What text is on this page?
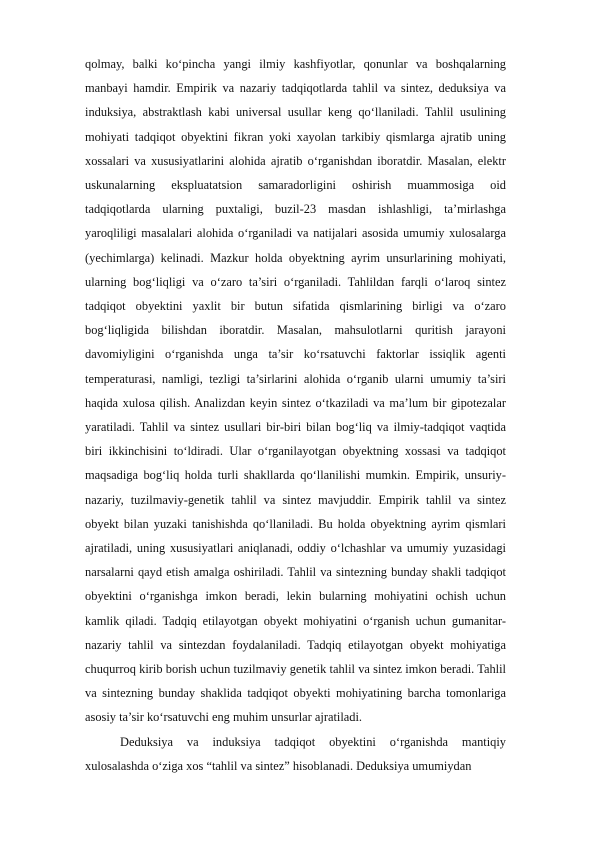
qolmay, balki ko‘pincha yangi ilmiy kashfiyotlar, qonunlar va boshqalarning manbayi hamdir. Empirik va nazariy tadqiqotlarda tahlil va sintez, deduksiya va induksiya, abstraktlash kabi universal usullar keng qo‘llaniladi. Tahlil usulining mohiyati tadqiqot obyektini fikran yoki xayolan tarkibiy qismlarga ajratib uning xossalari va xususiyatlarini alohida ajratib o‘rganishdan iboratdir. Masalan, elektr uskunalarning ekspluatatsion samaradorligini oshirish muammosiga oid tadqiqotlarda ularning puxtaligi, buzil-23 masdan ishlashligi, ta’mirlashga yaroqliligi masalalari alohida o‘rganiladi va natijalari asosida umumiy xulosalarga (yechimlarga) kelinadi. Mazkur holda obyektning ayrim unsurlarining mohiyati, ularning bog‘liqligi va o‘zaro ta’siri o‘rganiladi. Tahlildan farqli o‘laroq sintez tadqiqot obyektini yaxlit bir butun sifatida qismlarining birligi va o‘zaro bog‘liqligida bilishdan iboratdir. Masalan, mahsulotlarni quritish jarayoni davomiyligini o‘rganishda unga ta’sir ko‘rsatuvchi faktorlar issiqlik agenti temperaturasi, namligi, tezligi ta’sirlarini alohida o‘rganib ularni umumiy ta’siri haqida xulosa qilish. Analizdan keyin sintez o‘tkaziladi va ma’lum bir gipotezalar yaratiladi. Tahlil va sintez usullari bir-biri bilan bog‘liq va ilmiy-tadqiqot vaqtida biri ikkinchisini to‘ldiradi. Ular o‘rganilayotgan obyektning xossasi va tadqiqot maqsadiga bog‘liq holda turli shakllarda qo‘llanilishi mumkin. Empirik, unsuriy-nazariy, tuzilmaviy-genetik tahlil va sintez mavjuddir. Empirik tahlil va sintez obyekt bilan yuzaki tanishishda qo‘llaniladi. Bu holda obyektning ayrim qismlari ajratiladi, uning xususiyatlari aniqlanadi, oddiy o‘lchashlar va umumiy yuzasidagi narsalarni qayd etish amalga oshiriladi. Tahlil va sintezning bunday shakli tadqiqot obyektini o‘rganishga imkon beradi, lekin bularning mohiyatini ochish uchun kamlik qiladi. Tadqiq etilayotgan obyekt mohiyatini o‘rganish uchun gumanitar-nazariy tahlil va sintezdan foydalaniladi. Tadqiq etilayotgan obyekt mohiyatiga chuqurroq kirib borish uchun tuzilmaviy genetik tahlil va sintez imkon beradi. Tahlil va sintezning bunday shaklida tadqiqot obyekti mohiyatining barcha tomonlariga asosiy ta’sir ko‘rsatuvchi eng muhim unsurlar ajratiladi.

Deduksiya va induksiya tadqiqot obyektini o‘rganishda mantiqiy xulosalashda o‘ziga xos “tahlil va sintez” hisoblanadi. Deduksiya umumiydan
